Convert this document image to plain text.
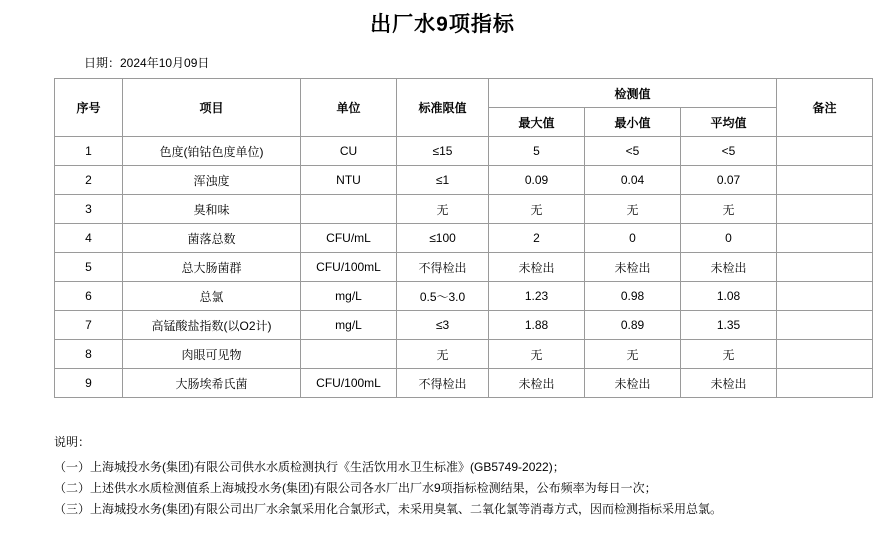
出厂水9项指标
日期：2024年10月09日
序号	项目	单位	标准限值	检测值			备注
				最大值	最小值	平均值	
1	色度(铂钴色度单位)	CU	≤15	5	<5	<5	
2	浑浊度	NTU	≤1	0.09	0.04	0.07	
3	臭和味		无	无	无	无	
4	菌落总数	CFU/mL	≤100	2	0	0	
5	总大肠菌群	CFU/100mL	不得检出	未检出	未检出	未检出	
6	总氯	mg/L	0.5～3.0	1.23	0.98	1.08	
7	高锰酸盐指数(以O2计)	mg/L	≤3	1.88	0.89	1.35	
8	肉眼可见物		无	无	无	无	
9	大肠埃希氏菌	CFU/100mL	不得检出	未检出	未检出	未检出	
说明：
（一）上海城投水务(集团)有限公司供水水质检测执行《生活饮用水卫生标准》(GB5749-2022)；
（二）上述供水水质检测值系上海城投水务(集团)有限公司各水厂出厂水9项指标检测结果，公布频率为每日一次；
（三）上海城投水务(集团)有限公司出厂水余氯采用化合氯形式，未采用臭氧、二氧化氯等消毒方式，因而检测指标采用总氯。
